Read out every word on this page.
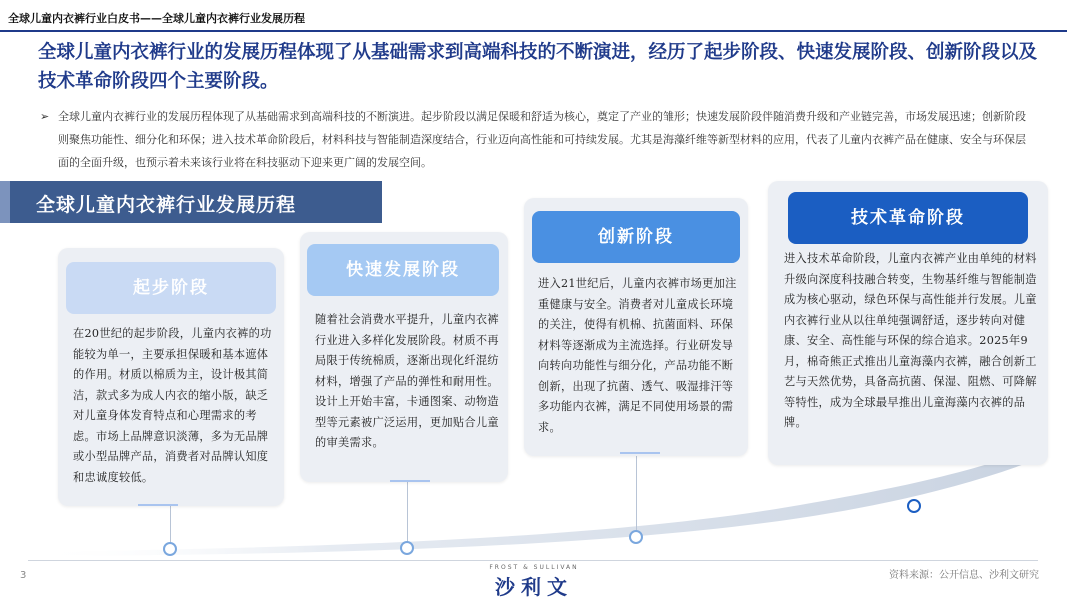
全球儿童内衣裤行业白皮书——全球儿童内衣裤行业发展历程
全球儿童内衣裤行业的发展历程体现了从基础需求到高端科技的不断演进，经历了起步阶段、快速发展阶段、创新阶段以及技术革命阶段四个主要阶段。
➢ 全球儿童内衣裤行业的发展历程体现了从基础需求到高端科技的不断演进。起步阶段以满足保暖和舒适为核心，奠定了产业的雏形；快速发展阶段伴随消费升级和产业链完善，市场发展迅速；创新阶段则聚焦功能性、细分化和环保；进入技术革命阶段后，材料科技与智能制造深度结合，行业迈向高性能和可持续发展。尤其是海藻纤维等新型材料的应用，代表了儿童内衣裤产品在健康、安全与环保层面的全面升级，也预示着未来该行业将在科技驱动下迎来更广阔的发展空间。
全球儿童内衣裤行业发展历程
起步阶段
在20世纪的起步阶段，儿童内衣裤的功能较为单一，主要承担保暖和基本遮体的作用。材质以棉质为主，设计极其简洁，款式多为成人内衣的缩小版，缺乏对儿童身体发育特点和心理需求的考虑。市场上品牌意识淡薄，多为无品牌或小型品牌产品，消费者对品牌认知度和忠诚度较低。
快速发展阶段
随着社会消费水平提升，儿童内衣裤行业进入多样化发展阶段。材质不再局限于传统棉质，逐渐出现化纤混纺材料，增强了产品的弹性和耐用性。设计上开始丰富，卡通图案、动物造型等元素被广泛运用，更加贴合儿童的审美需求。
创新阶段
进入21世纪后，儿童内衣裤市场更加注重健康与安全。消费者对儿童成长环境的关注，使得有机棉、抗菌面料、环保材料等逐渐成为主流选择。行业研发导向转向功能性与细分化，产品功能不断创新，出现了抗菌、透气、吸湿排汗等多功能内衣裤，满足不同使用场景的需求。
技术革命阶段
进入技术革命阶段，儿童内衣裤产业由单纯的材料升级向深度科技融合转变，生物基纤维与智能制造成为核心驱动，绿色环保与高性能并行发展。儿童内衣裤行业从以往单纯强调舒适，逐步转向对健康、安全、高性能与环保的综合追求。2025年9月，棉奇熊正式推出儿童海藻内衣裤，融合创新工艺与天然优势，具备高抗菌、保湿、阻燃、可降解等特性，成为全球最早推出儿童海藻内衣裤的品牌。
3
FROST & SULLIVAN
沙利文	资料来源：公开信息、沙利文研究
